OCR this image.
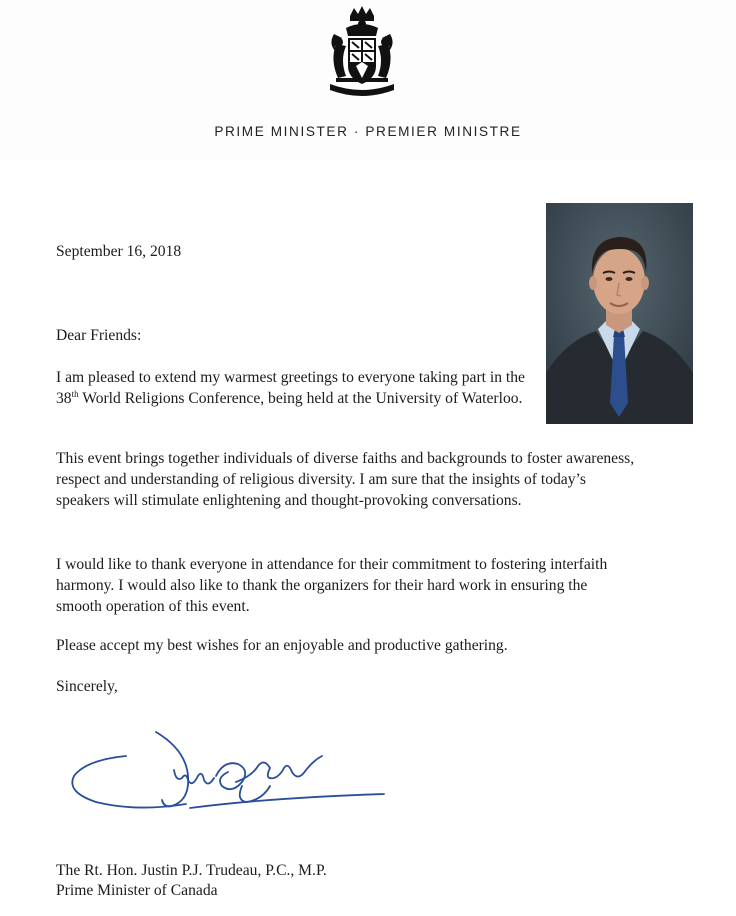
PRIME MINISTER · PREMIER MINISTRE
September 16, 2018
Dear Friends:
I am pleased to extend my warmest greetings to everyone taking part in the 38th World Religions Conference, being held at the University of Waterloo.
This event brings together individuals of diverse faiths and backgrounds to foster awareness, respect and understanding of religious diversity. I am sure that the insights of today’s speakers will stimulate enlightening and thought-provoking conversations.
I would like to thank everyone in attendance for their commitment to fostering interfaith harmony. I would also like to thank the organizers for their hard work in ensuring the smooth operation of this event.
Please accept my best wishes for an enjoyable and productive gathering.
Sincerely,
The Rt. Hon. Justin P.J. Trudeau, P.C., M.P.
Prime Minister of Canada
